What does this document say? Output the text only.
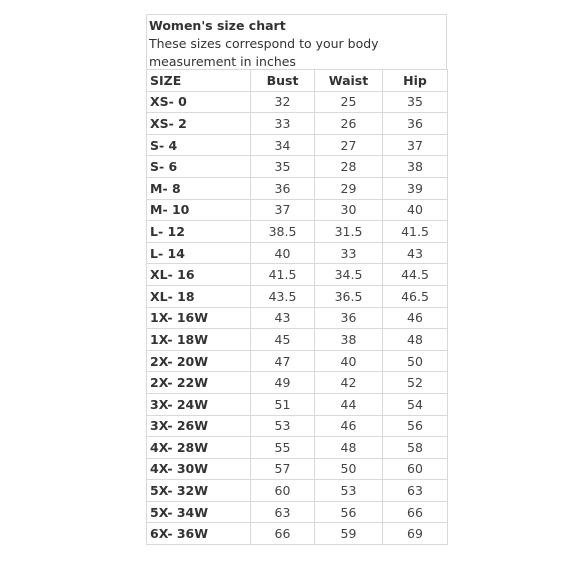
Women's size chart
These sizes correspond to your body measurement in inches
SIZE	Bust	Waist	Hip
XS- 0	32	25	35
XS- 2	33	26	36
S- 4	34	27	37
S- 6	35	28	38
M- 8	36	29	39
M- 10	37	30	40
L- 12	38.5	31.5	41.5
L- 14	40	33	43
XL- 16	41.5	34.5	44.5
XL- 18	43.5	36.5	46.5
1X- 16W	43	36	46
1X- 18W	45	38	48
2X- 20W	47	40	50
2X- 22W	49	42	52
3X- 24W	51	44	54
3X- 26W	53	46	56
4X- 28W	55	48	58
4X- 30W	57	50	60
5X- 32W	60	53	63
5X- 34W	63	56	66
6X- 36W	66	59	69
